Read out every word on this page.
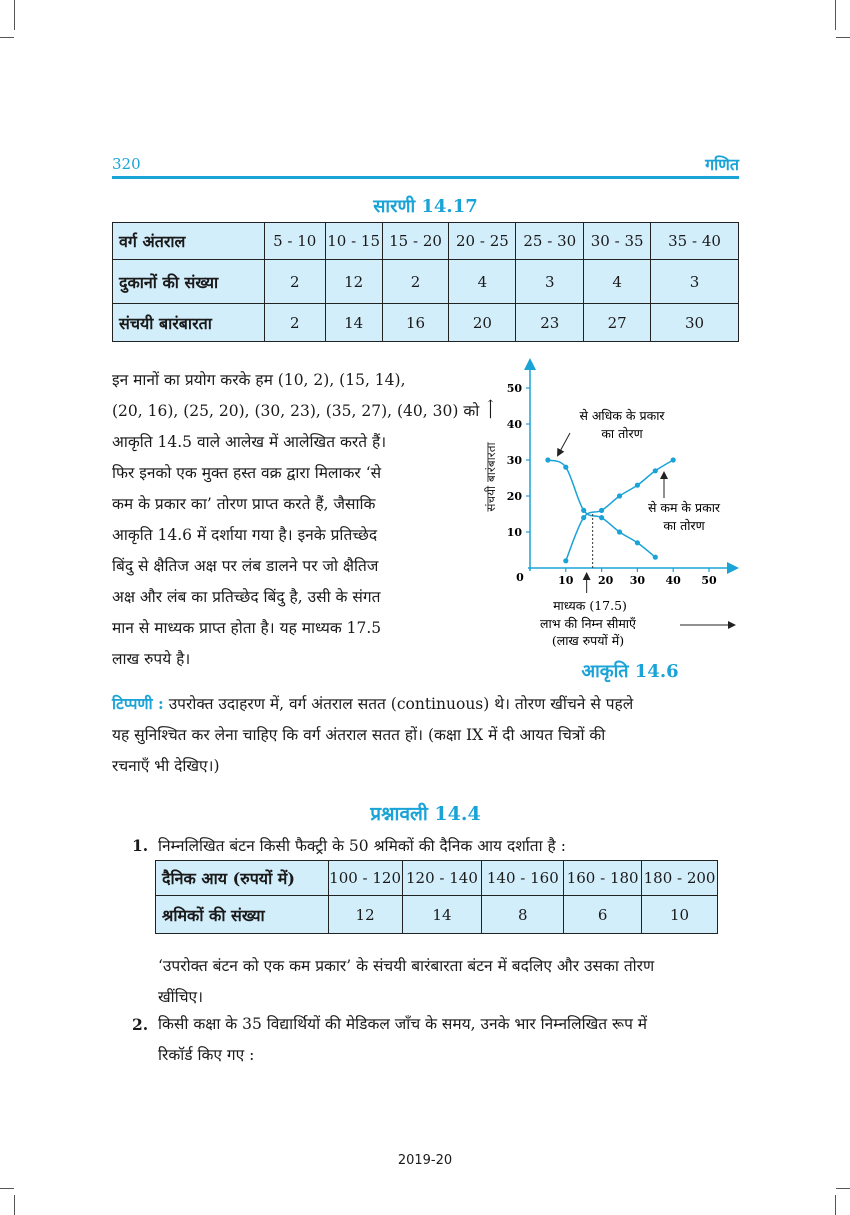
320	गणित
सारणी 14.17
वर्ग अंतराल	5 - 10	10 - 15	15 - 20	20 - 25	25 - 30	30 - 35	35 - 40
दुकानों की संख्या	2	12	2	4	3	4	3
संचयी बारंबारता	2	14	16	20	23	27	30
इन मानों का प्रयोग करके हम (10, 2), (15, 14),
(20, 16), (25, 20), (30, 23), (35, 27), (40, 30) को
आकृति 14.5 वाले आलेख में आलेखित करते हैं।
फिर इनको एक मुक्त हस्त वक्र द्वारा मिलाकर ‘से
कम के प्रकार का’ तोरण प्राप्त करते हैं, जैसाकि
आकृति 14.6 में दर्शाया गया है। इनके प्रतिच्छेद
बिंदु से क्षैतिज अक्ष पर लंब डालने पर जो क्षैतिज
अक्ष और लंब का प्रतिच्छेद बिंदु है, उसी के संगत
मान से माध्यक प्राप्त होता है। यह माध्यक 17.5
लाख रुपये है।
संचयी बारंबारता
⟶
0
10
20
30
40
50
10 20 30 40 50
से अधिक के प्रकार
का तोरण
से कम के प्रकार
का तोरण
माध्यक (17.5)
लाभ की निम्न सीमाएँ
(लाख रुपयों में)
आकृति 14.6
टिप्पणी : उपरोक्त उदाहरण में, वर्ग अंतराल सतत (continuous) थे। तोरण खींचने से पहले
यह सुनिश्चित कर लेना चाहिए कि वर्ग अंतराल सतत हों। (कक्षा IX में दी आयत चित्रों की
रचनाएँ भी देखिए।)
प्रश्नावली 14.4
1. निम्नलिखित बंटन किसी फैक्ट्री के 50 श्रमिकों की दैनिक आय दर्शाता है :
दैनिक आय (रुपयों में)	100 - 120	120 - 140	140 - 160	160 - 180	180 - 200
श्रमिकों की संख्या	12	14	8	6	10
‘उपरोक्त बंटन को एक कम प्रकार’ के संचयी बारंबारता बंटन में बदलिए और उसका तोरण
खींचिए।
2. किसी कक्षा के 35 विद्यार्थियों की मेडिकल जाँच के समय, उनके भार निम्नलिखित रूप में
रिकॉर्ड किए गए :
2019-20
